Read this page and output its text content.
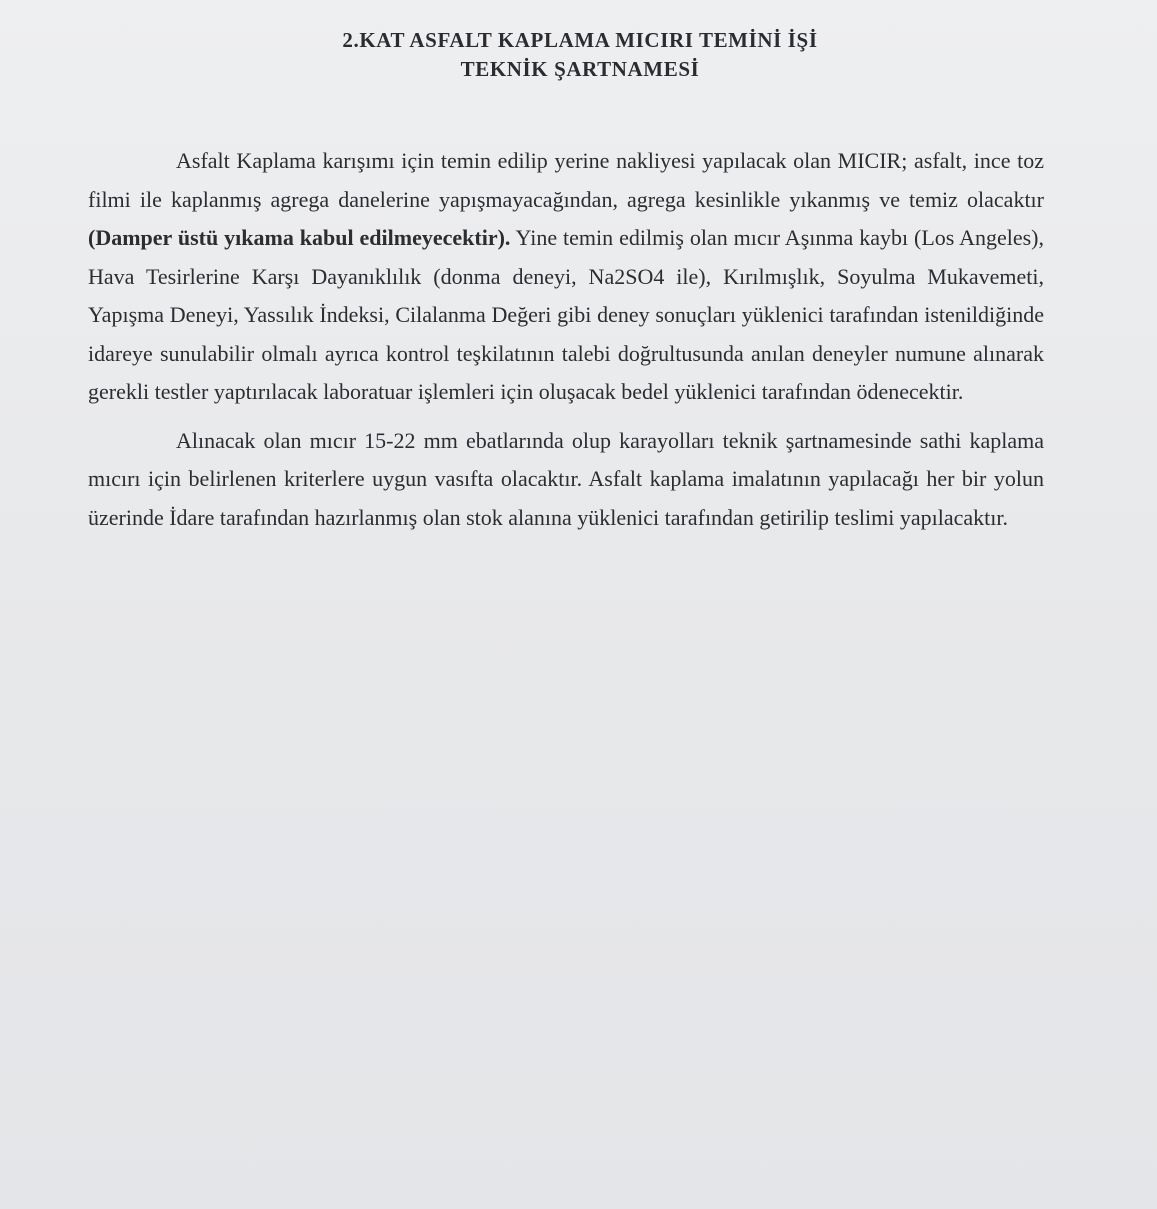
2.KAT ASFALT KAPLAMA MICIRI TEMİNİ İŞİ
TEKNİK ŞARTNAMESİ

Asfalt Kaplama karışımı için temin edilip yerine nakliyesi yapılacak olan MICIR; asfalt, ince toz filmi ile kaplanmış agrega danelerine yapışmayacağından, agrega kesinlikle yıkanmış ve temiz olacaktır (Damper üstü yıkama kabul edilmeyecektir). Yine temin edilmiş olan mıcır Aşınma kaybı (Los Angeles), Hava Tesirlerine Karşı Dayanıklılık (donma deneyi, Na2SO4 ile), Kırılmışlık, Soyulma Mukavemeti, Yapışma Deneyi, Yassılık İndeksi, Cilalanma Değeri gibi deney sonuçları yüklenici tarafından istenildiğinde idareye sunulabilir olmalı ayrıca kontrol teşkilatının talebi doğrultusunda anılan deneyler numune alınarak gerekli testler yaptırılacak laboratuar işlemleri için oluşacak bedel yüklenici tarafından ödenecektir.

Alınacak olan mıcır 15-22 mm ebatlarında olup karayolları teknik şartnamesinde sathi kaplama mıcırı için belirlenen kriterlere uygun vasıfta olacaktır. Asfalt kaplama imalatının yapılacağı her bir yolun üzerinde İdare tarafından hazırlanmış olan stok alanına yüklenici tarafından getirilip teslimi yapılacaktır.
